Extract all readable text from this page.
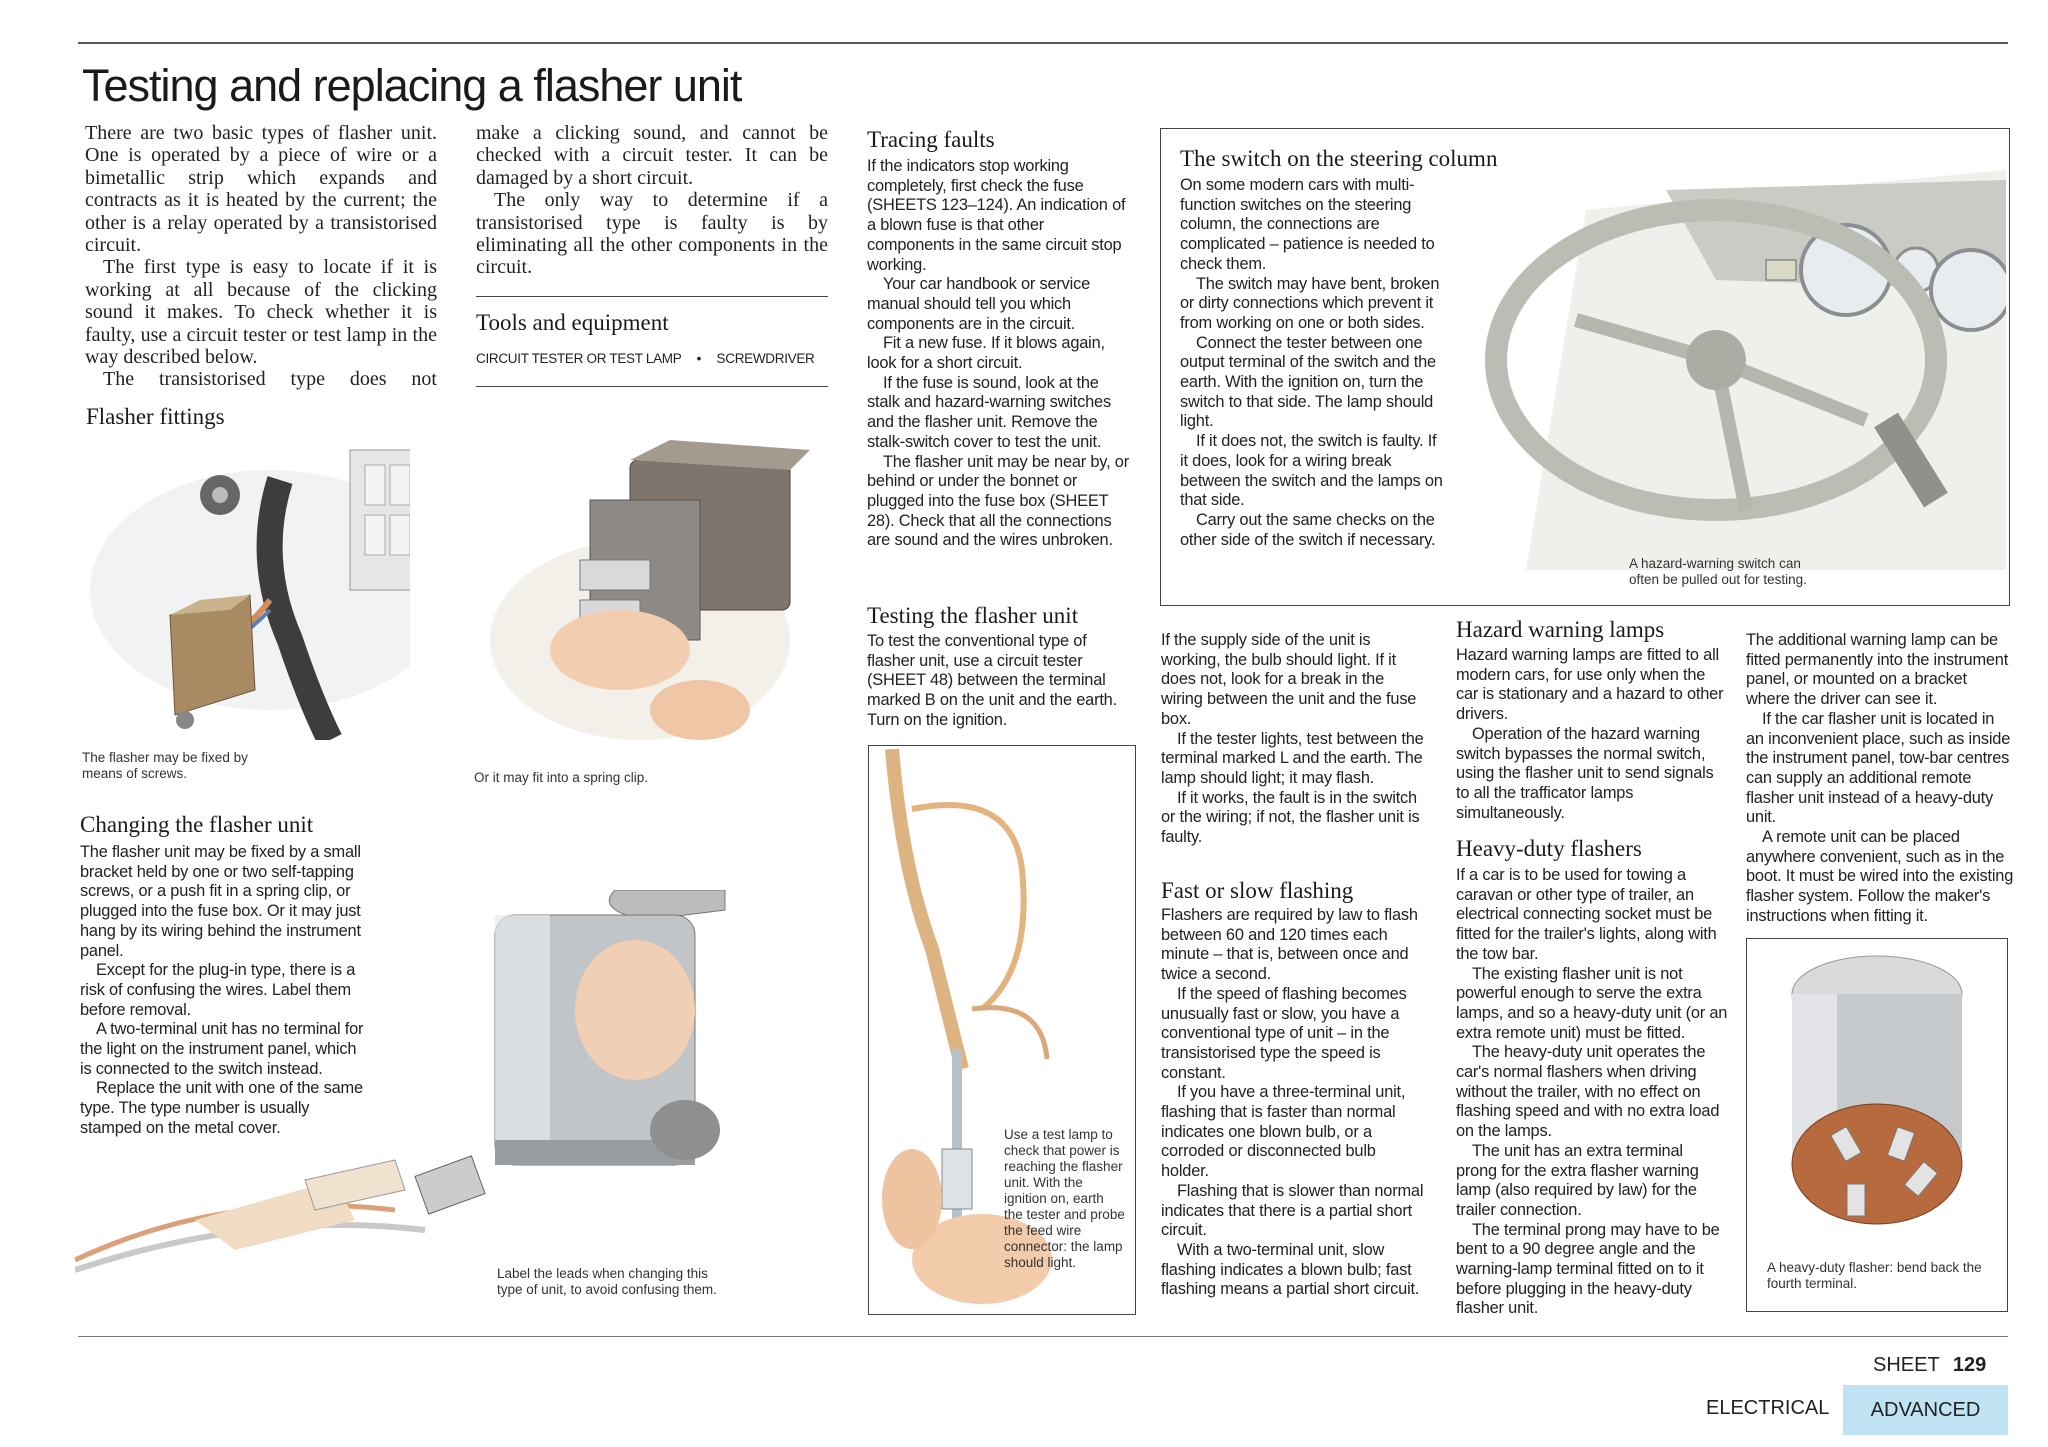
Testing and replacing a flasher unit

There are two basic types of flasher unit. One is operated by a piece of wire or a bimetallic strip which expands and contracts as it is heated by the current; the other is a relay operated by a transistorised circuit.

The first type is easy to locate if it is working at all because of the clicking sound it makes. To check whether it is faulty, use a circuit tester or test lamp in the way described below.

The transistorised type does not

make a clicking sound, and cannot be checked with a circuit tester. It can be damaged by a short circuit.

The only way to determine if a transistorised type is faulty is by eliminating all the other components in the circuit.

Tools and equipment
CIRCUIT TESTER OR TEST LAMP • SCREWDRIVER
Flasher fittings
The flasher may be fixed by means of screws.	Or it may fit into a spring clip.
Changing the flasher unit

The flasher unit may be fixed by a small bracket held by one or two self-tapping screws, or a push fit in a spring clip, or plugged into the fuse box. Or it may just hang by its wiring behind the instrument panel.

Except for the plug-in type, there is a risk of confusing the wires. Label them before removal.

A two-terminal unit has no terminal for the light on the instrument panel, which is connected to the switch instead.

Replace the unit with one of the same type. The type number is usually stamped on the metal cover.

Label the leads when changing this type of unit, to avoid confusing them.
Tracing faults

If the indicators stop working completely, first check the fuse (SHEETS 123–124). An indication of a blown fuse is that other components in the same circuit stop working.

Your car handbook or service manual should tell you which components are in the circuit.

Fit a new fuse. If it blows again, look for a short circuit.

If the fuse is sound, look at the stalk and hazard-warning switches and the flasher unit. Remove the stalk-switch cover to test the unit.

The flasher unit may be near by, or behind or under the bonnet or plugged into the fuse box (SHEET 28). Check that all the connections are sound and the wires unbroken.

Testing the flasher unit

To test the conventional type of flasher unit, use a circuit tester (SHEET 48) between the terminal marked B on the unit and the earth. Turn on the ignition.

Use a test lamp to check that power is reaching the flasher unit. With the ignition on, earth the tester and probe the feed wire connector: the lamp should light.
The switch on the steering column

On some modern cars with multi-function switches on the steering column, the connections are complicated – patience is needed to check them.

The switch may have bent, broken or dirty connections which prevent it from working on one or both sides.

Connect the tester between one output terminal of the switch and the earth. With the ignition on, turn the switch to that side. The lamp should light.

If it does not, the switch is faulty. If it does, look for a wiring break between the switch and the lamps on that side.

Carry out the same checks on the other side of the switch if necessary.

A hazard-warning switch can often be pulled out for testing.

If the supply side of the unit is working, the bulb should light. If it does not, look for a break in the wiring between the unit and the fuse box.

If the tester lights, test between the terminal marked L and the earth. The lamp should light; it may flash.

If it works, the fault is in the switch or the wiring; if not, the flasher unit is faulty.

Fast or slow flashing

Flashers are required by law to flash between 60 and 120 times each minute – that is, between once and twice a second.

If the speed of flashing becomes unusually fast or slow, you have a conventional type of unit – in the transistorised type the speed is constant.

If you have a three-terminal unit, flashing that is faster than normal indicates one blown bulb, or a corroded or disconnected bulb holder.

Flashing that is slower than normal indicates that there is a partial short circuit.

With a two-terminal unit, slow flashing indicates a blown bulb; fast flashing means a partial short circuit.

Hazard warning lamps

Hazard warning lamps are fitted to all modern cars, for use only when the car is stationary and a hazard to other drivers.

Operation of the hazard warning switch bypasses the normal switch, using the flasher unit to send signals to all the trafficator lamps simultaneously.

Heavy-duty flashers

If a car is to be used for towing a caravan or other type of trailer, an electrical connecting socket must be fitted for the trailer's lights, along with the tow bar.

The existing flasher unit is not powerful enough to serve the extra lamps, and so a heavy-duty unit (or an extra remote unit) must be fitted.

The heavy-duty unit operates the car's normal flashers when driving without the trailer, with no effect on flashing speed and with no extra load on the lamps.

The unit has an extra terminal prong for the extra flasher warning lamp (also required by law) for the trailer connection.

The terminal prong may have to be bent to a 90 degree angle and the warning-lamp terminal fitted on to it before plugging in the heavy-duty flasher unit.

The additional warning lamp can be fitted permanently into the instrument panel, or mounted on a bracket where the driver can see it.

If the car flasher unit is located in an inconvenient place, such as inside the instrument panel, tow-bar centres can supply an additional remote flasher unit instead of a heavy-duty unit.

A remote unit can be placed anywhere convenient, such as in the boot. It must be wired into the existing flasher system. Follow the maker's instructions when fitting it.

A heavy-duty flasher: bend back the fourth terminal.
SHEET 129
ELECTRICAL	ADVANCED
